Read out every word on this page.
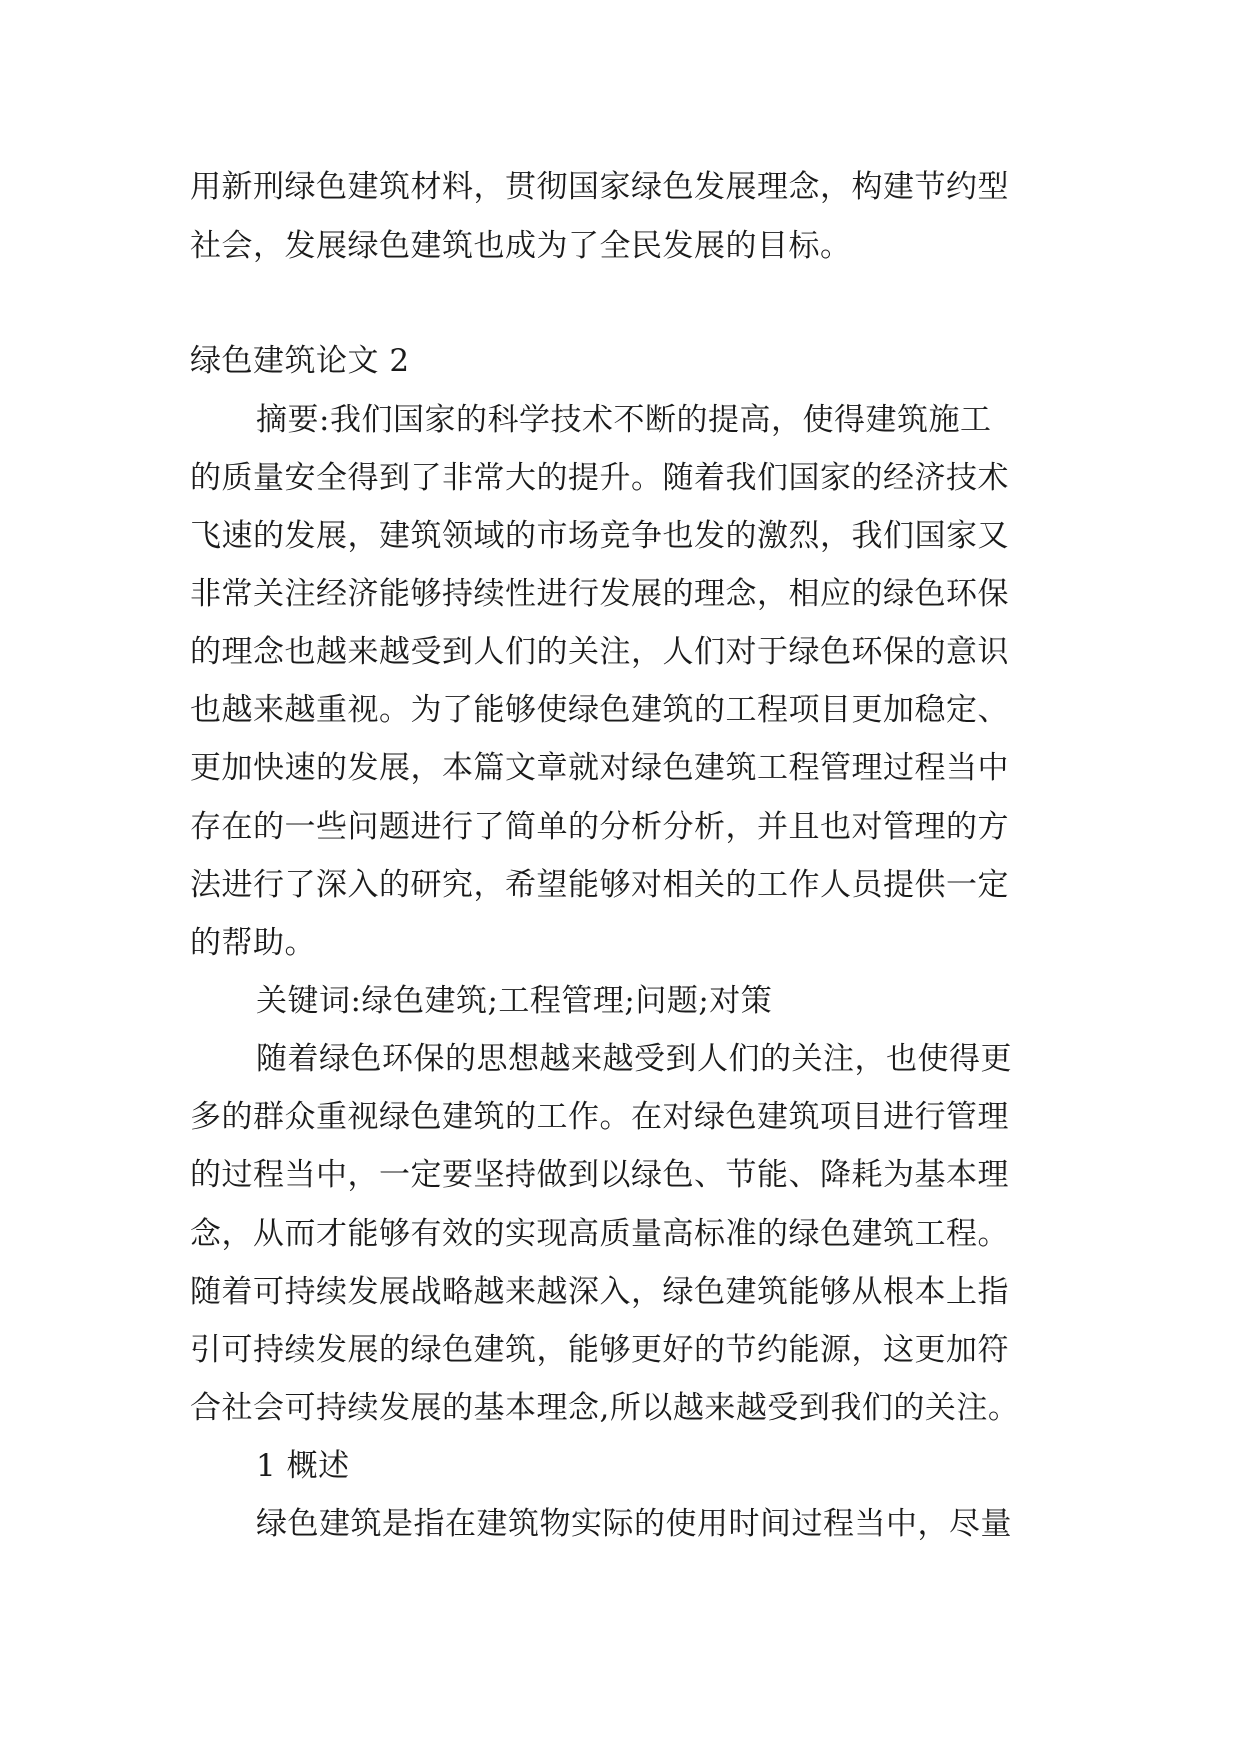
用新刑绿色建筑材料，贯彻国家绿色发展理念，构建节约型
社会，发展绿色建筑也成为了全民发展的目标。
绿色建筑论文 2
摘要:我们国家的科学技术不断的提高，使得建筑施工
的质量安全得到了非常大的提升。随着我们国家的经济技术
飞速的发展，建筑领域的市场竞争也发的激烈，我们国家又
非常关注经济能够持续性进行发展的理念，相应的绿色环保
的理念也越来越受到人们的关注，人们对于绿色环保的意识
也越来越重视。为了能够使绿色建筑的工程项目更加稳定、
更加快速的发展，本篇文章就对绿色建筑工程管理过程当中
存在的一些问题进行了简单的分析分析，并且也对管理的方
法进行了深入的研究，希望能够对相关的工作人员提供一定
的帮助。
关键词:绿色建筑;工程管理;问题;对策
随着绿色环保的思想越来越受到人们的关注，也使得更
多的群众重视绿色建筑的工作。在对绿色建筑项目进行管理
的过程当中，一定要坚持做到以绿色、节能、降耗为基本理
念，从而才能够有效的实现高质量高标准的绿色建筑工程。
随着可持续发展战略越来越深入，绿色建筑能够从根本上指
引可持续发展的绿色建筑，能够更好的节约能源，这更加符
合社会可持续发展的基本理念,所以越来越受到我们的关注。
1 概述
绿色建筑是指在建筑物实际的使用时间过程当中，尽量
